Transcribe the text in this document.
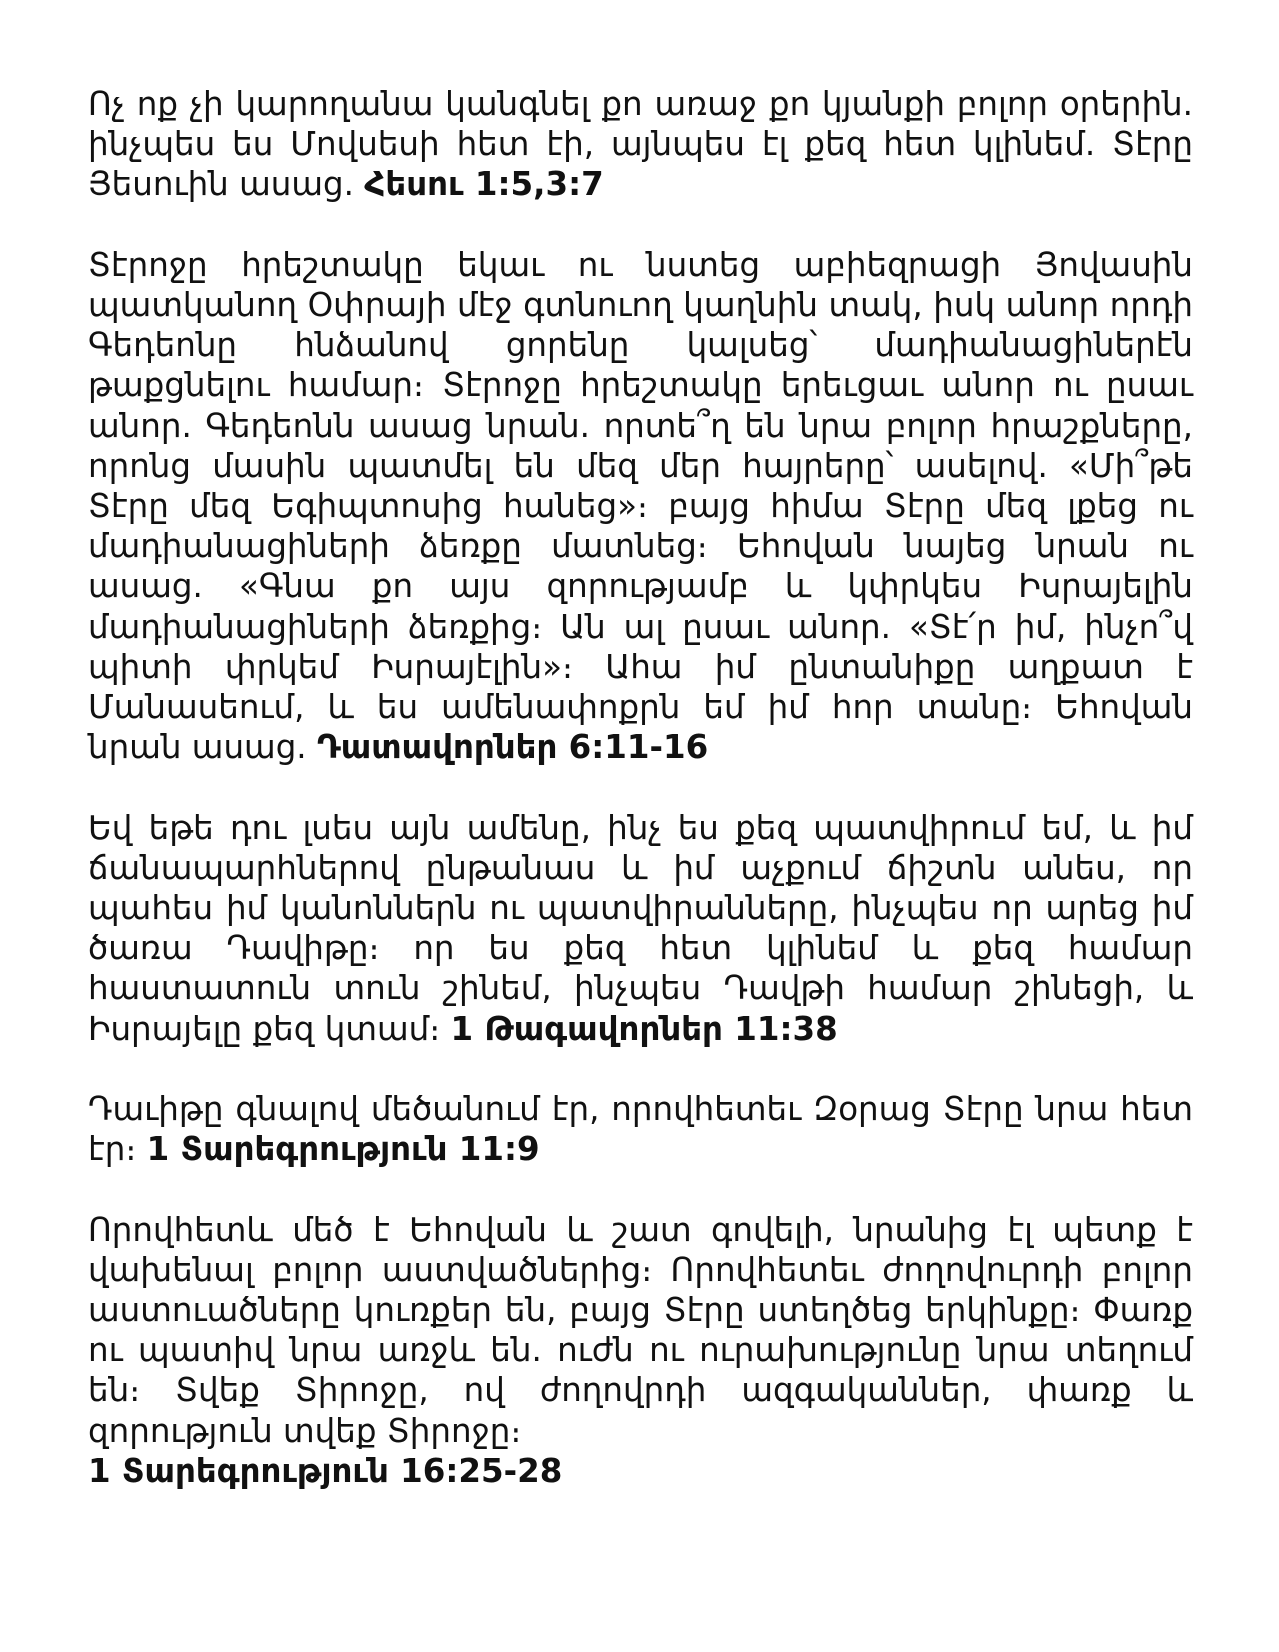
Ոչ ոք չի կարողանա կանգնել քո առաջ քո կյանքի բոլոր օրերին. ինչպես ես Մովսեսի հետ էի, այնպես էլ քեզ հետ կլինեմ. Տէրը Յեսուին ասաց. Հեսու 1:5,3:7

Տէրոջը հրեշտակը եկաւ ու նստեց աբիեզրացի Յովասին պատկանող Օփրայի մէջ գտնուող կաղնին տակ, իսկ անոր որդի Գեդեոնը հնձանով ցորենը կալսեց՝ մադիանացիներէն թաքցնելու համար։ Տէրոջը հրեշտակը երեւցաւ անոր ու ըսաւ անոր. Գեդեոնն ասաց նրան. որտե՞ղ են նրա բոլոր հրաշքները, որոնց մասին պատմել են մեզ մեր հայրերը՝ ասելով. «Մի՞թե Տէրը մեզ Եգիպտոսից հանեց»։ բայց հիմա Տէրը մեզ լքեց ու մադիանացիների ձեռքը մատնեց։ Եհովան նայեց նրան ու ասաց. «Գնա քո այս զորությամբ և կփրկես Իսրայելին մադիանացիների ձեռքից։ Ան ալ ըսաւ անոր. «Տէ՛ր իմ, ինչո՞վ պիտի փրկեմ Իսրայէլին»։ Ահա իմ ընտանիքը աղքատ է Մանասեում, և ես ամենափոքրն եմ իմ հոր տանը։ Եհովան նրան ասաց. Դատավորներ 6:11-16

Եվ եթե դու լսես այն ամենը, ինչ ես քեզ պատվիրում եմ, և իմ ճանապարհներով ընթանաս և իմ աչքում ճիշտն անես, որ պահես իմ կանոններն ու պատվիրանները, ինչպես որ արեց իմ ծառա Դավիթը։ որ ես քեզ հետ կլինեմ և քեզ համար հաստատուն տուն շինեմ, ինչպես Դավթի համար շինեցի, և Իսրայելը քեզ կտամ։ 1 Թագավորներ 11:38

Դաւիթը գնալով մեծանում էր, որովհետեւ Զօրաց Տէրը նրա հետ էր։ 1 Տարեգրություն 11:9

Որովհետև մեծ է Եհովան և շատ գովելի, նրանից էլ պետք է վախենալ բոլոր աստվածներից։ Որովհետեւ ժողովուրդի բոլոր աստուածները կուռքեր են, բայց Տէրը ստեղծեց երկինքը։ Փառք ու պատիվ նրա առջև են. ուժն ու ուրախությունը նրա տեղում են։ Տվեք Տիրոջը, ով ժողովրդի ազգականներ, փառք և զորություն տվեք Տիրոջը։
1 Տարեգրություն 16:25-28
